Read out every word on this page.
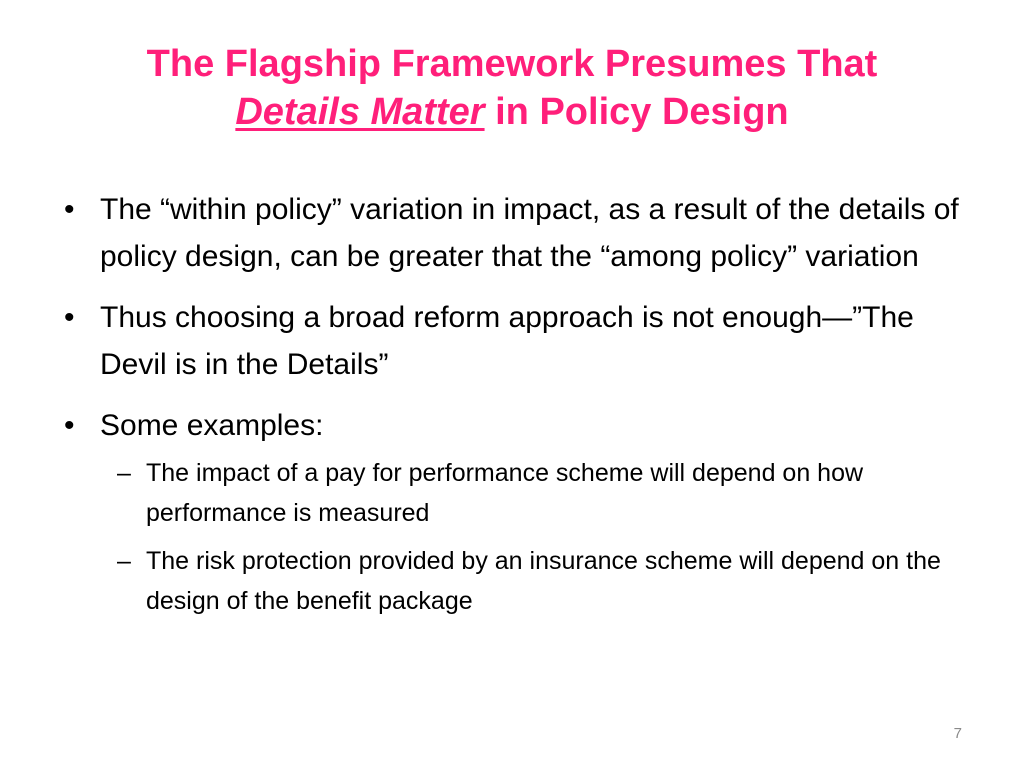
The Flagship Framework Presumes That
Details Matter in Policy Design
• The “within policy” variation in impact, as a result of the details of policy design, can be greater that the “among policy” variation
• Thus choosing a broad reform approach is not enough—”The Devil is in the Details”
• Some examples:
– The impact of a pay for performance scheme will depend on how performance is measured
– The risk protection provided by an insurance scheme will depend on the design of the benefit package
7
